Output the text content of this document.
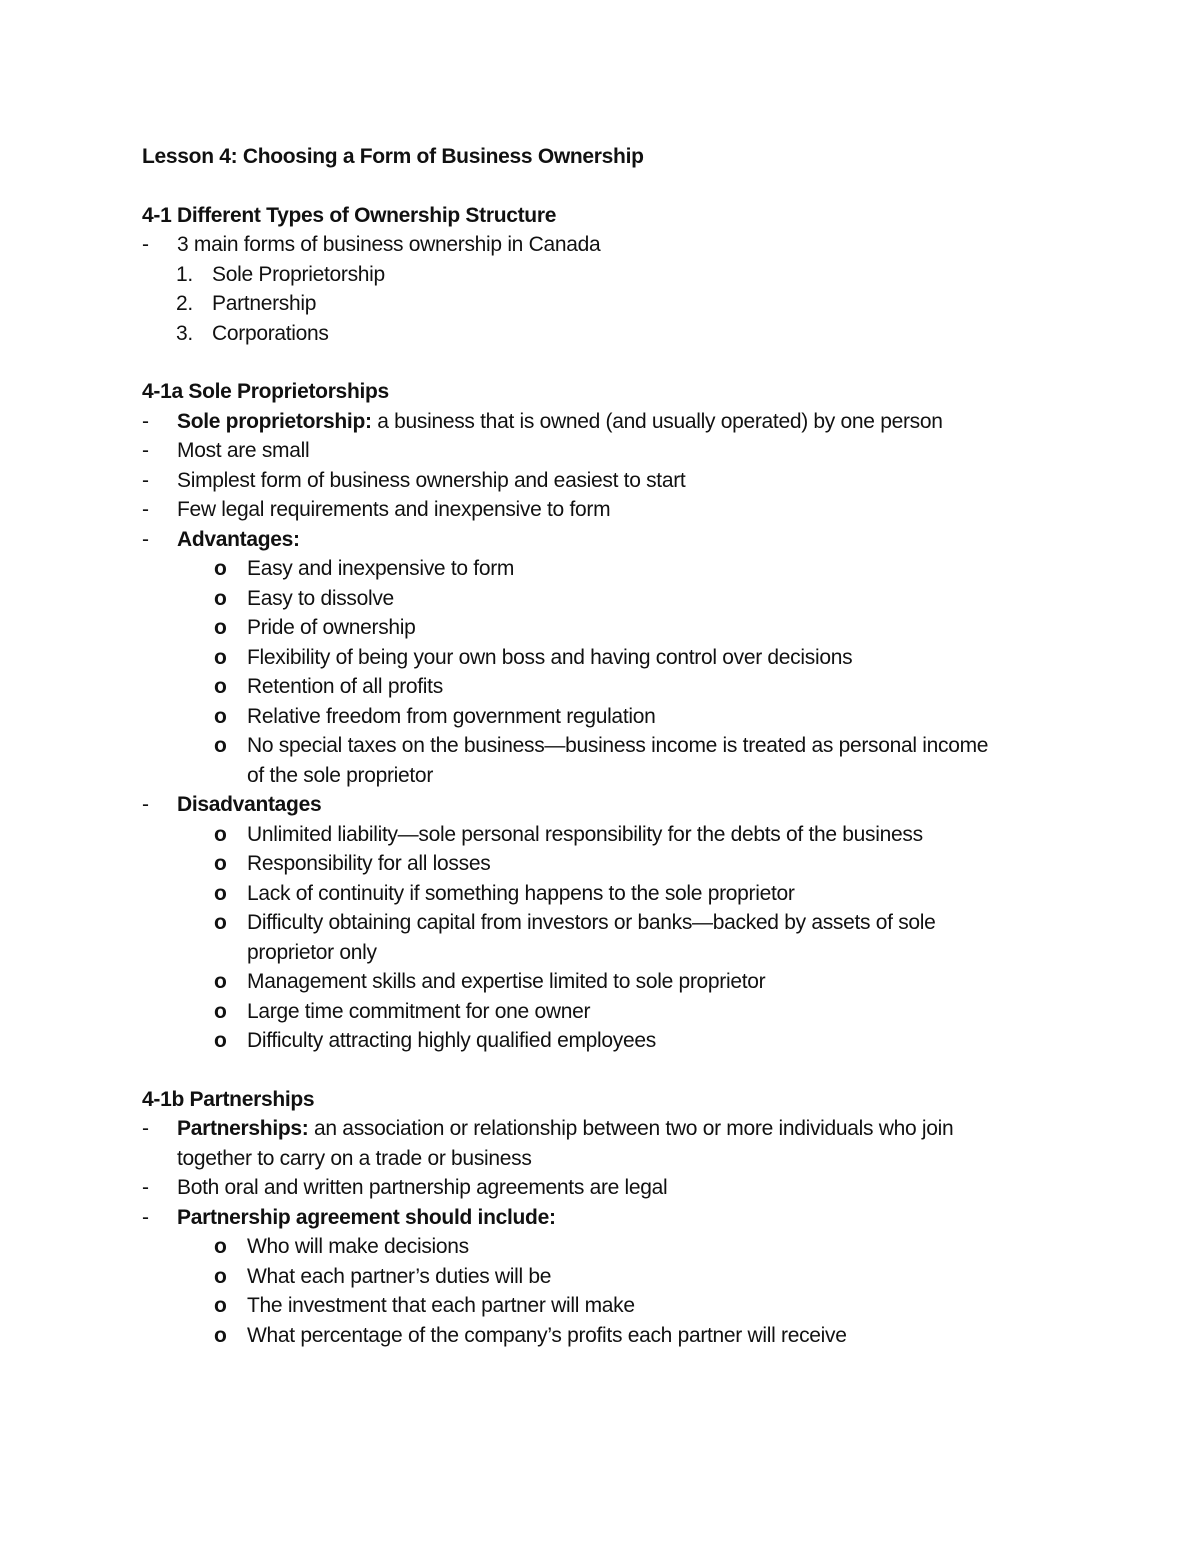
Lesson 4: Choosing a Form of Business Ownership

4-1 Different Types of Ownership Structure

- 3 main forms of business ownership in Canada
1. Sole Proprietorship
2. Partnership
3. Corporations

4-1a Sole Proprietorships

- Sole proprietorship: a business that is owned (and usually operated) by one person
- Most are small
- Simplest form of business ownership and easiest to start
- Few legal requirements and inexpensive to form
- Advantages:
o Easy and inexpensive to form
o Easy to dissolve
o Pride of ownership
o Flexibility of being your own boss and having control over decisions
o Retention of all profits
o Relative freedom from government regulation
o No special taxes on the business—business income is treated as personal income of the sole proprietor
- Disadvantages
o Unlimited liability—sole personal responsibility for the debts of the business
o Responsibility for all losses
o Lack of continuity if something happens to the sole proprietor
o Difficulty obtaining capital from investors or banks—backed by assets of sole proprietor only
o Management skills and expertise limited to sole proprietor
o Large time commitment for one owner
o Difficulty attracting highly qualified employees

4-1b Partnerships

- Partnerships: an association or relationship between two or more individuals who join together to carry on a trade or business
- Both oral and written partnership agreements are legal
- Partnership agreement should include:
o Who will make decisions
o What each partner’s duties will be
o The investment that each partner will make
o What percentage of the company’s profits each partner will receive
